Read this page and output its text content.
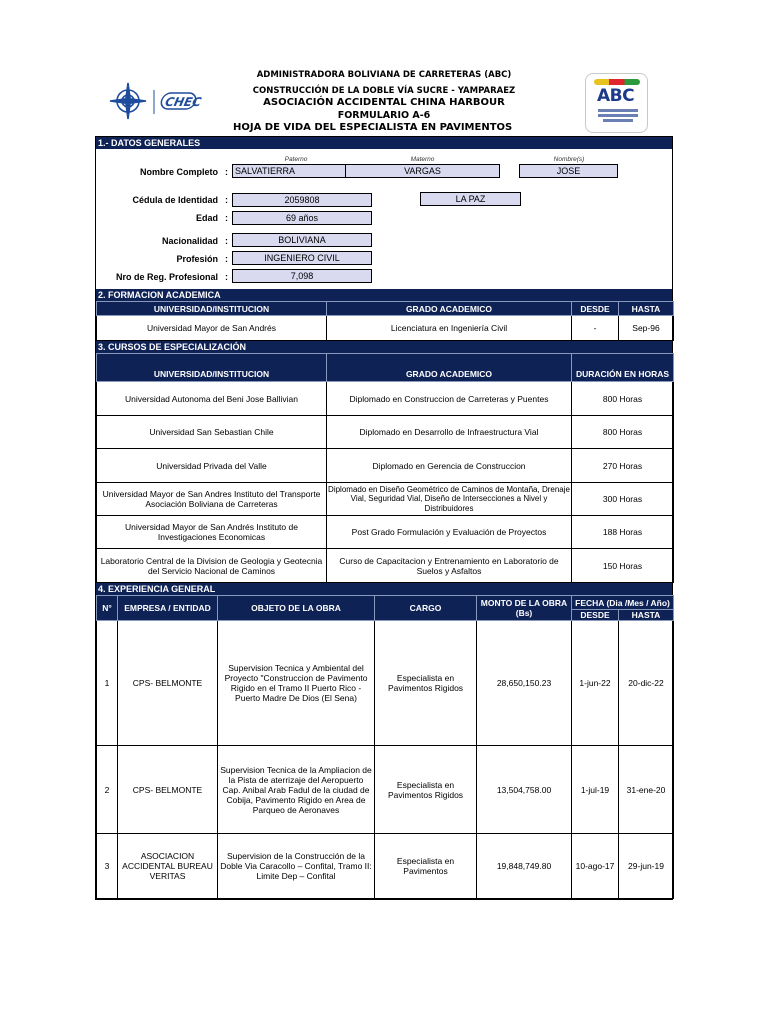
ADMINISTRADORA BOLIVIANA DE CARRETERAS (ABC)
CONSTRUCCIÓN DE LA DOBLE VÍA SUCRE - YAMPARAEZ
ASOCIACIÓN ACCIDENTAL CHINA HARBOUR
FORMULARIO A-6
HOJA DE VIDA DEL ESPECIALISTA EN PAVIMENTOS
CHEC	ABC
1.- DATOS GENERALES
Paterno	Materno	Nombre(s)
Nombre Completo : SALVATIERRA	VARGAS	JOSE
Cédula de Identidad :	2059808	LA PAZ
Edad :	69 años
Nacionalidad :	BOLIVIANA
Profesión :	INGENIERO CIVIL
Nro de Reg. Profesional :	7,098
2. FORMACION ACADEMICA
UNIVERSIDAD/INSTITUCION	GRADO ACADEMICO	DESDE	HASTA
Universidad Mayor de San Andrés	Licenciatura en Ingeniería Civil	-	Sep-96
3. CURSOS DE ESPECIALIZACIÓN
UNIVERSIDAD/INSTITUCION	GRADO ACADEMICO	DURACIÓN EN HORAS
Universidad Autonoma del Beni Jose Ballivian	Diplomado en Construccion de Carreteras y Puentes	800 Horas
Universidad San Sebastian Chile	Diplomado en Desarrollo de Infraestructura Vial	800 Horas
Universidad Privada del Valle	Diplomado en Gerencia de Construccion	270 Horas
Universidad Mayor de San Andres Instituto del Transporte Asociación Boliviana de Carreteras	Diplomado en Diseño Geométrico de Caminos de Montaña, Drenaje Vial, Seguridad Vial, Diseño de Intersecciones a Nivel y Distribuidores	300 Horas
Universidad Mayor de San Andrés Instituto de Investigaciones Economicas	Post Grado Formulación y Evaluación de Proyectos	188 Horas
Laboratorio Central de la Division de Geologia y Geotecnia del Servicio Nacional de Caminos	Curso de Capacitacion y Entrenamiento en Laboratorio de Suelos y Asfaltos	150 Horas
4. EXPERIENCIA GENERAL
N°	EMPRESA / ENTIDAD	OBJETO DE LA OBRA	CARGO	MONTO DE LA OBRA (Bs)	FECHA (Dia /Mes / Año)	
					DESDE	HASTA
1	CPS- BELMONTE	Supervision Tecnica y Ambiental del Proyecto "Construccion de Pavimento Rigido en el Tramo II Puerto Rico - Puerto Madre De Dios (El Sena)	Especialista en Pavimentos Rigidos	28,650,150.23	1-jun-22	20-dic-22
2	CPS- BELMONTE	Supervision Tecnica de la Ampliacion de la Pista de aterrizaje del Aeropuerto Cap. Anibal Arab Fadul de la ciudad de Cobija, Pavimento Rigido en Area de Parqueo de Aeronaves	Especialista en Pavimentos Rigidos	13,504,758.00	1-jul-19	31-ene-20
3	ASOCIACION ACCIDENTAL BUREAU VERITAS	Supervision de la Construcción de la Doble Via Caracollo – Confital, Tramo II: Limite Dep – Confital	Especialista en Pavimentos	19,848,749.80	10-ago-17	29-jun-19
